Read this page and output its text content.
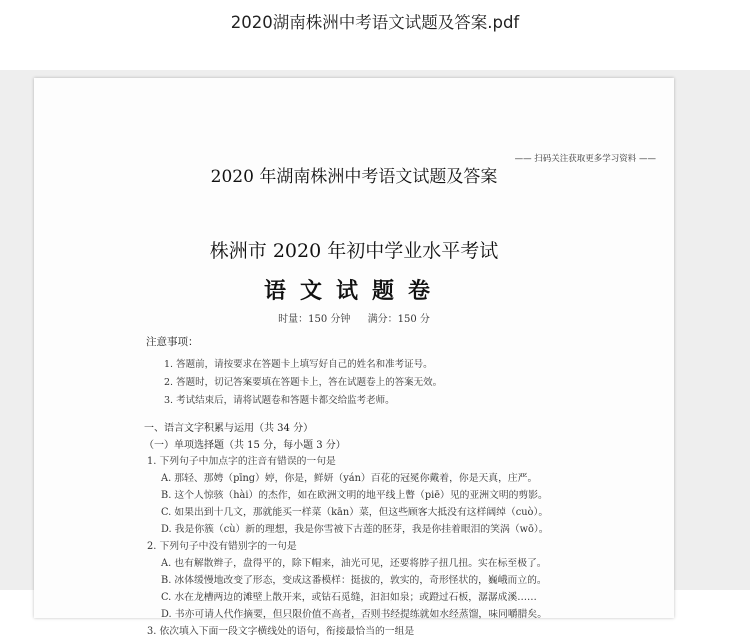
2020湖南株洲中考语文试题及答案.pdf
—— 扫码关注获取更多学习资料 ——
2020 年湖南株洲中考语文试题及答案
株洲市 2020 年初中学业水平考试
语文试题卷
时量：150 分钟 满分：150 分
注意事项：
1. 答题前，请按要求在答题卡上填写好自己的姓名和准考证号。
2. 答题时，切记答案要填在答题卡上，答在试题卷上的答案无效。
3. 考试结束后，请将试题卷和答题卡都交给监考老师。
一、语言文字积累与运用（共 34 分）
（一）单项选择题（共 15 分，每小题 3 分）
1. 下列句子中加点字的注音有错误的一句是
A. 那轻、那娉（pīng）婷，你是，鲜妍（yán）百花的冠冕你戴着，你是天真，庄严。
B. 这个人惊骇（hài）的杰作，如在欧洲文明的地平线上瞥（piē）见的亚洲文明的剪影。
C. 如果出到十几文，那就能买一样菜（kān）菜，但这些顾客大抵没有这样阔绰（cuò）。
D. 我是你簇（cù）新的理想，我是你雪被下古莲的胚芽，我是你挂着眼泪的笑涡（wō）。
2. 下列句子中没有错别字的一句是
A. 也有解散辫子，盘得平的，除下帽来，油光可见，还要将脖子扭几扭。实在标至极了。
B. 冰体缓慢地改变了形态，变成这番模样：挺拔的，敦实的，奇形怪状的，巍峨而立的。
C. 水在龙槽两边的滩壁上散开来，或钻石觅缝，汩汩如泉；或蹬过石板，潺潺成溪……
D. 书亦可请人代作摘要，但只限价值不高者，否则书经提练就如水经蒸馏，味同嚼腊矣。
3. 依次填入下面一段文字横线处的语句，衔接最恰当的一组是
